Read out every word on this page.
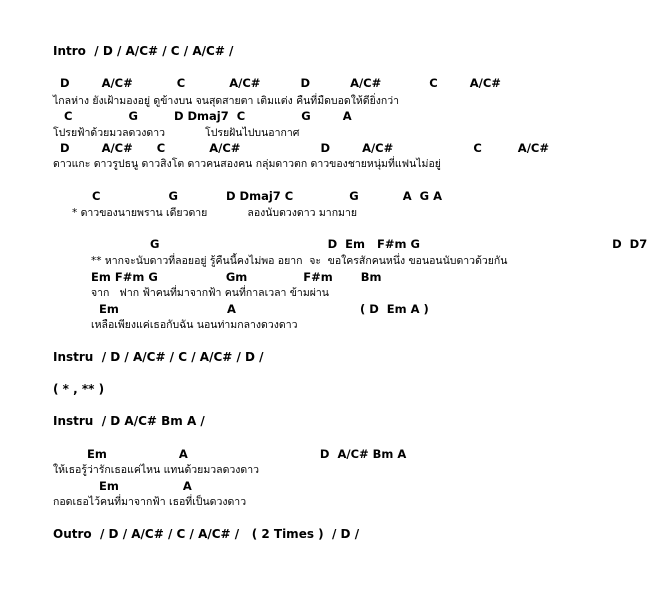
Intro  / D / A/C# / C / A/C# /
D        A/C#           C           A/C#          D          A/C#            C        A/C#
ไกลห่าง ยังเฝ้ามองอยู่ ดูข้างบน จนสุดสายตา เติมแต่ง คืนที่มืดบอดให้ดียิ่งกว่า
C              G         D Dmaj7  C              G        A
โปรยฟ้าด้วยมวลดวงดาว            โปรยฝันไปบนอากาศ
D        A/C#      C           A/C#                    D        A/C#                    C         A/C#
ดาวแกะ ดาวรูปธนู ดาวสิงโต ดาวคนสองคน กลุ่มดาวตก ดาวของชายหนุ่มที่แฟนไม่อยู่
C                 G            D Dmaj7 C              G           A  G A
* ดาวของนายพราน เดียวดาย            ลองนับดวงดาว มากมาย
G                                          D  Em   F#m G                                                D  D7
** หากจะนับดาวที่ลอยอยู่ รู้คืนนี้คงไม่พอ อยาก  จะ  ขอใครสักคนหนึ่ง ขอนอนนับดาวด้วยกัน
Em F#m G                 Gm              F#m       Bm
จาก   ฟาก ฟ้าคนที่มาจากฟ้า คนที่กาลเวลา ข้ามผ่าน
Em                           A                               ( D  Em A )
เหลือเพียงแค่เธอกับฉัน นอนท่ามกลางดวงดาว
Instru  / D / A/C# / C / A/C# / D /
( * , ** )
Instru  / D A/C# Bm A /
Em                  A                                 D  A/C# Bm A
ให้เธอรู้ว่ารักเธอแค่ไหน แทนด้วยมวลดวงดาว
Em                A
กอดเธอไว้คนที่มาจากฟ้า เธอที่เป็นดวงดาว
Outro  / D / A/C# / C / A/C# /   ( 2 Times )  / D /
